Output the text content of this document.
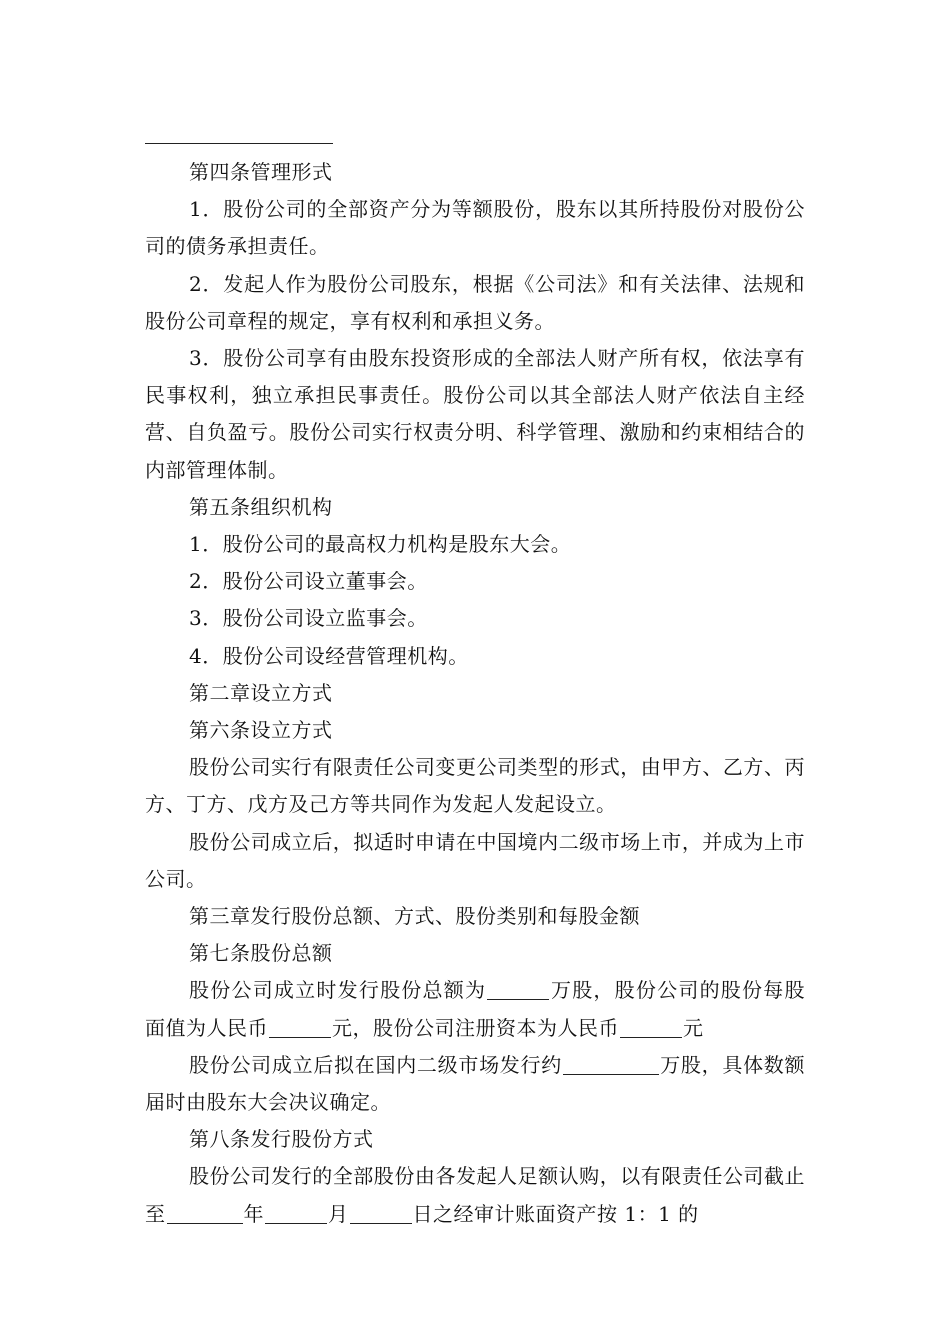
第四条管理形式

1．股份公司的全部资产分为等额股份，股东以其所持股份对股份公司的债务承担责任。

2．发起人作为股份公司股东，根据《公司法》和有关法律、法规和股份公司章程的规定，享有权利和承担义务。

3．股份公司享有由股东投资形成的全部法人财产所有权，依法享有民事权利，独立承担民事责任。股份公司以其全部法人财产依法自主经营、自负盈亏。股份公司实行权责分明、科学管理、激励和约束相结合的内部管理体制。

第五条组织机构

1．股份公司的最高权力机构是股东大会。

2．股份公司设立董事会。

3．股份公司设立监事会。

4．股份公司设经营管理机构。

第二章设立方式

第六条设立方式

股份公司实行有限责任公司变更公司类型的形式，由甲方、乙方、丙方、丁方、戊方及己方等共同作为发起人发起设立。

股份公司成立后，拟适时申请在中国境内二级市场上市，并成为上市公司。

第三章发行股份总额、方式、股份类别和每股金额

第七条股份总额

股份公司成立时发行股份总额为	万股，股份公司的股份每股面值为人民币	元，股份公司注册资本为人民币	元

股份公司成立后拟在国内二级市场发行约	万股，具体数额届时由股东大会决议确定。

第八条发行股份方式

股份公司发行的全部股份由各发起人足额认购，以有限责任公司截止至	年	月	日之经审计账面资产按 1：1 的
